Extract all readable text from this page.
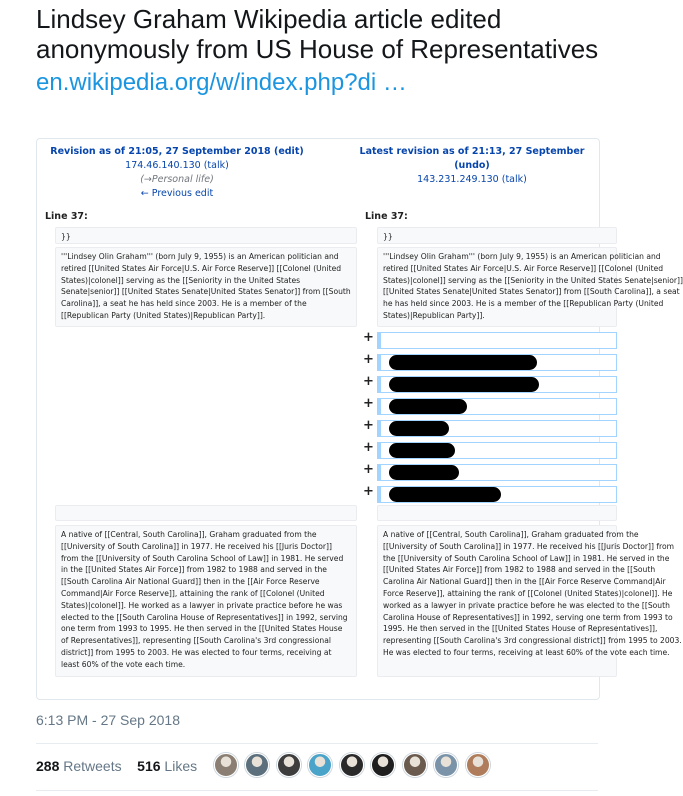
Lindsey Graham Wikipedia article edited anonymously from US House of Representatives
en.wikipedia.org/w/index.php?di …
Revision as of 21:05, 27 September 2018 (edit)
174.46.140.130 (talk)
(→Personal life)
← Previous edit
Latest revision as of 21:13, 27 September
(undo)
143.231.249.130 (talk)
Line 37:	Line 37:
}}	}}
'''Lindsey Olin Graham''' (born July 9, 1955) is an American politician and retired [[United States Air Force|U.S. Air Force Reserve]] [[Colonel (United States)|colonel]] serving as the [[Seniority in the United States Senate|senior]] [[United States Senate|United States Senator]] from [[South Carolina]], a seat he has held since 2003. He is a member of the [[Republican Party (United States)|Republican Party]].
'''Lindsey Olin Graham''' (born July 9, 1955) is an American politician and retired [[United States Air Force|U.S. Air Force Reserve]] [[Colonel (United States)|colonel]] serving as the [[Seniority in the United States Senate|senior]] [[United States Senate|United States Senator]] from [[South Carolina]], a seat he has held since 2003. He is a member of the [[Republican Party (United States)|Republican Party]].
+
+
+
+
+
+
+
+
A native of [[Central, South Carolina]], Graham graduated from the [[University of South Carolina]] in 1977. He received his [[Juris Doctor]] from the [[University of South Carolina School of Law]] in 1981. He served in the [[United States Air Force]] from 1982 to 1988 and served in the [[South Carolina Air National Guard]] then in the [[Air Force Reserve Command|Air Force Reserve]], attaining the rank of [[Colonel (United States)|colonel]]. He worked as a lawyer in private practice before he was elected to the [[South Carolina House of Representatives]] in 1992, serving one term from 1993 to 1995. He then served in the [[United States House of Representatives]], representing [[South Carolina's 3rd congressional district]] from 1995 to 2003. He was elected to four terms, receiving at least 60% of the vote each time.
A native of [[Central, South Carolina]], Graham graduated from the [[University of South Carolina]] in 1977. He received his [[Juris Doctor]] from the [[University of South Carolina School of Law]] in 1981. He served in the [[United States Air Force]] from 1982 to 1988 and served in the [[South Carolina Air National Guard]] then in the [[Air Force Reserve Command|Air Force Reserve]], attaining the rank of [[Colonel (United States)|colonel]]. He worked as a lawyer in private practice before he was elected to the [[South Carolina House of Representatives]] in 1992, serving one term from 1993 to 1995. He then served in the [[United States House of Representatives]], representing [[South Carolina's 3rd congressional district]] from 1995 to 2003. He was elected to four terms, receiving at least 60% of the vote each time.
6:13 PM - 27 Sep 2018
288 Retweets 516 Likes
